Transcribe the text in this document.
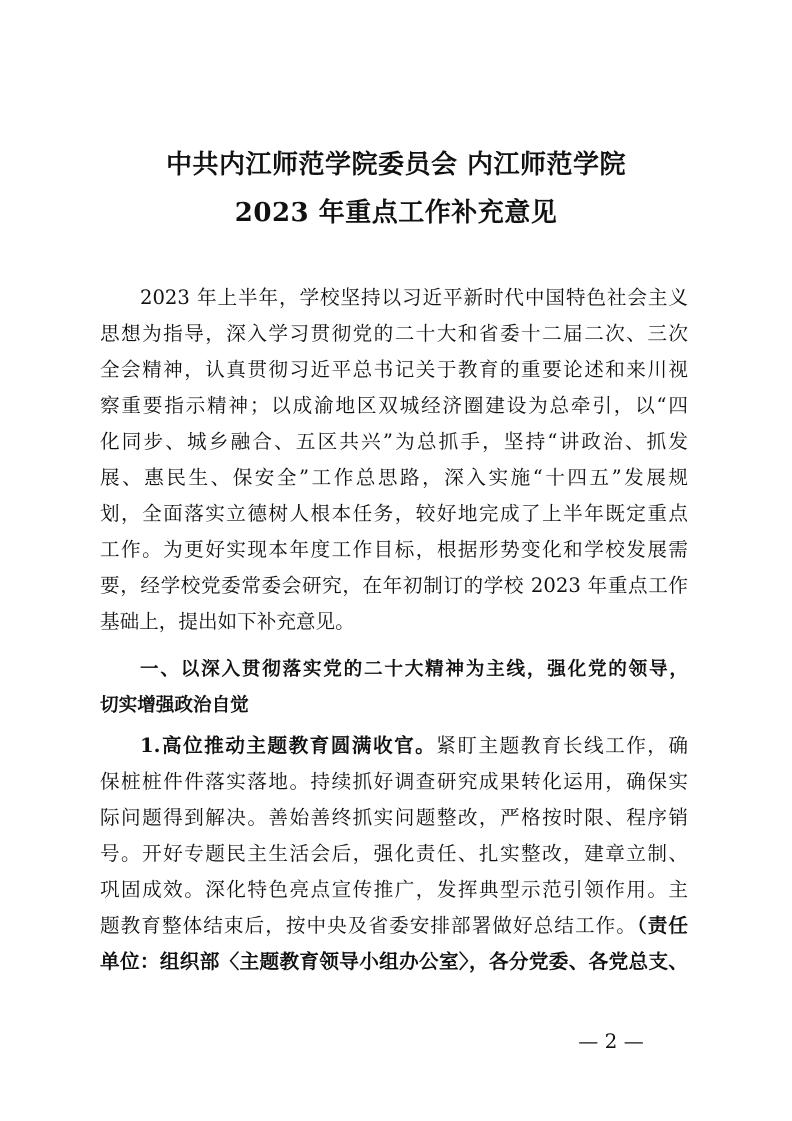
中共内江师范学院委员会 内江师范学院
2023 年重点工作补充意见
2023 年上半年，学校坚持以习近平新时代中国特色社会主义
思想为指导，深入学习贯彻党的二十大和省委十二届二次、三次
全会精神，认真贯彻习近平总书记关于教育的重要论述和来川视
察重要指示精神；以成渝地区双城经济圈建设为总牵引，以“四
化同步、城乡融合、五区共兴”为总抓手，坚持“讲政治、抓发
展、惠民生、保安全”工作总思路，深入实施“十四五”发展规
划，全面落实立德树人根本任务，较好地完成了上半年既定重点
工作。为更好实现本年度工作目标，根据形势变化和学校发展需
要，经学校党委常委会研究，在年初制订的学校 2023 年重点工作
基础上，提出如下补充意见。
一、以深入贯彻落实党的二十大精神为主线，强化党的领导，
切实增强政治自觉
1.高位推动主题教育圆满收官。紧盯主题教育长线工作，确
保桩桩件件落实落地。持续抓好调查研究成果转化运用，确保实
际问题得到解决。善始善终抓实问题整改，严格按时限、程序销
号。开好专题民主生活会后，强化责任、扎实整改，建章立制、
巩固成效。深化特色亮点宣传推广，发挥典型示范引领作用。主
题教育整体结束后，按中央及省委安排部署做好总结工作。（责任
单位：组织部〈主题教育领导小组办公室〉，各分党委、各党总支、
— 2 —
